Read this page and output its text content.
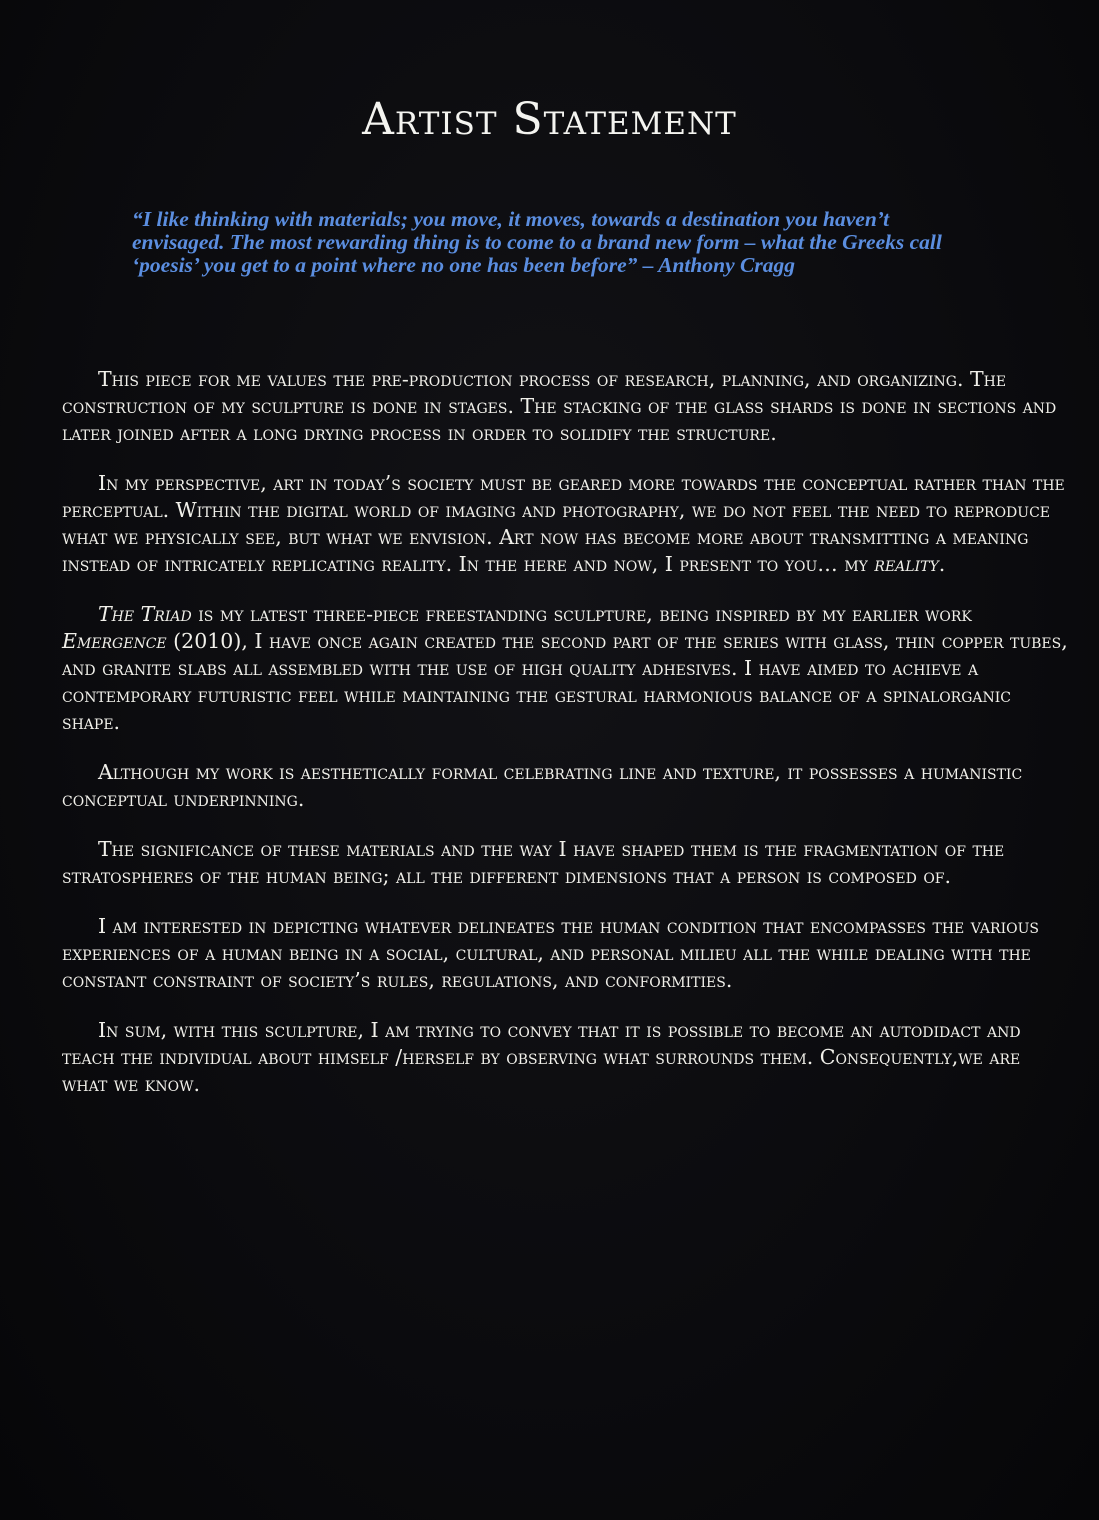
Artist Statement

“I like thinking with materials; you move, it moves, towards a destination you haven’t envisaged. The most rewarding thing is to come to a brand new form – what the Greeks call ‘poesis’ you get to a point where no one has been before” – Anthony Cragg

This piece for me values the pre-production process of research, planning, and organizing. The construction of my sculpture is done in stages. The stacking of the glass shards is done in sections and later joined after a long drying process in order to solidify the structure.

In my perspective, art in today’s society must be geared more towards the conceptual rather than the perceptual. Within the digital world of imaging and photography, we do not feel the need to reproduce what we physically see, but what we envision. Art now has become more about transmitting a meaning instead of intricately replicating reality. In the here and now, I present to you… my reality.

The Triad is my latest three-piece freestanding sculpture, being inspired by my earlier work Emergence (2010), I have once again created the second part of the series with glass, thin copper tubes, and granite slabs all assembled with the use of high quality adhesives. I have aimed to achieve a contemporary futuristic feel while maintaining the gestural harmonious balance of a spinalorganic shape.

Although my work is aesthetically formal celebrating line and texture, it possesses a humanistic conceptual underpinning.

The significance of these materials and the way I have shaped them is the fragmentation of the stratospheres of the human being; all the different dimensions that a person is composed of.

I am interested in depicting whatever delineates the human condition that encompasses the various experiences of a human being in a social, cultural, and personal milieu all the while dealing with the constant constraint of society’s rules, regulations, and conformities.

In sum, with this sculpture, I am trying to convey that it is possible to become an autodidact and teach the individual about himself /herself by observing what surrounds them. Consequently,we are what we know.
